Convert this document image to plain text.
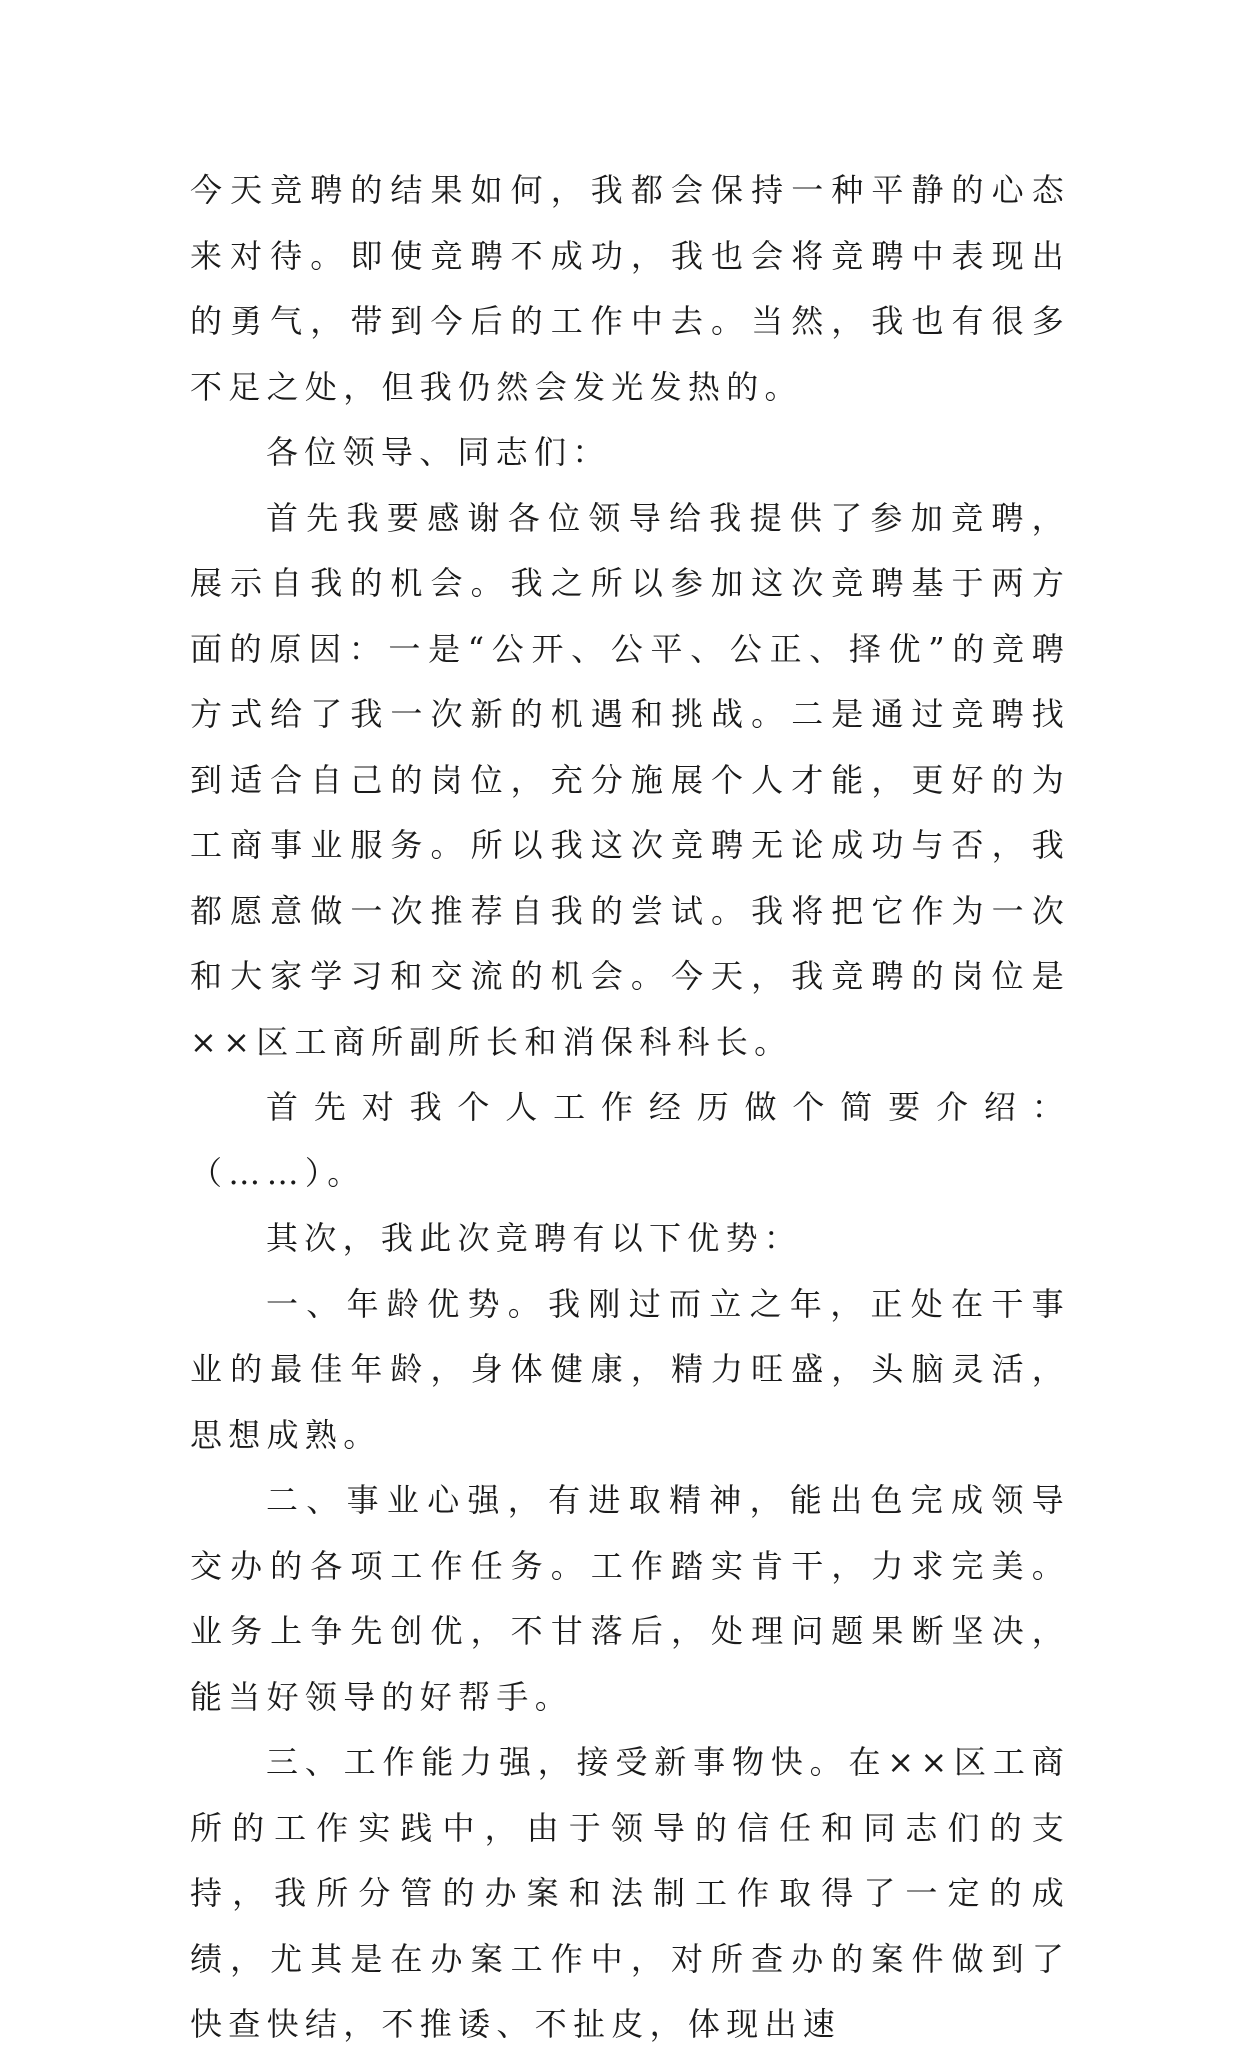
今天竞聘的结果如何，我都会保持一种平静的心态来对待。即使竞聘不成功，我也会将竞聘中表现出的勇气，带到今后的工作中去。当然，我也有很多不足之处，但我仍然会发光发热的。

各位领导、同志们：

首先我要感谢各位领导给我提供了参加竞聘，展示自我的机会。我之所以参加这次竞聘基于两方面的原因：一是“公开、公平、公正、择优”的竞聘方式给了我一次新的机遇和挑战。二是通过竞聘找到适合自己的岗位，充分施展个人才能，更好的为工商事业服务。所以我这次竞聘无论成功与否，我都愿意做一次推荐自我的尝试。我将把它作为一次和大家学习和交流的机会。今天，我竞聘的岗位是××区工商所副所长和消保科科长。

首先对我个人工作经历做个简要介绍：（……）。

其次，我此次竞聘有以下优势：

一、年龄优势。我刚过而立之年，正处在干事业的最佳年龄，身体健康，精力旺盛，头脑灵活，思想成熟。

二、事业心强，有进取精神，能出色完成领导交办的各项工作任务。工作踏实肯干，力求完美。业务上争先创优，不甘落后，处理问题果断坚决，能当好领导的好帮手。

三、工作能力强，接受新事物快。在××区工商所的工作实践中，由于领导的信任和同志们的支持，我所分管的办案和法制工作取得了一定的成绩，尤其是在办案工作中，对所查办的案件做到了快查快结，不推诿、不扯皮，体现出速
